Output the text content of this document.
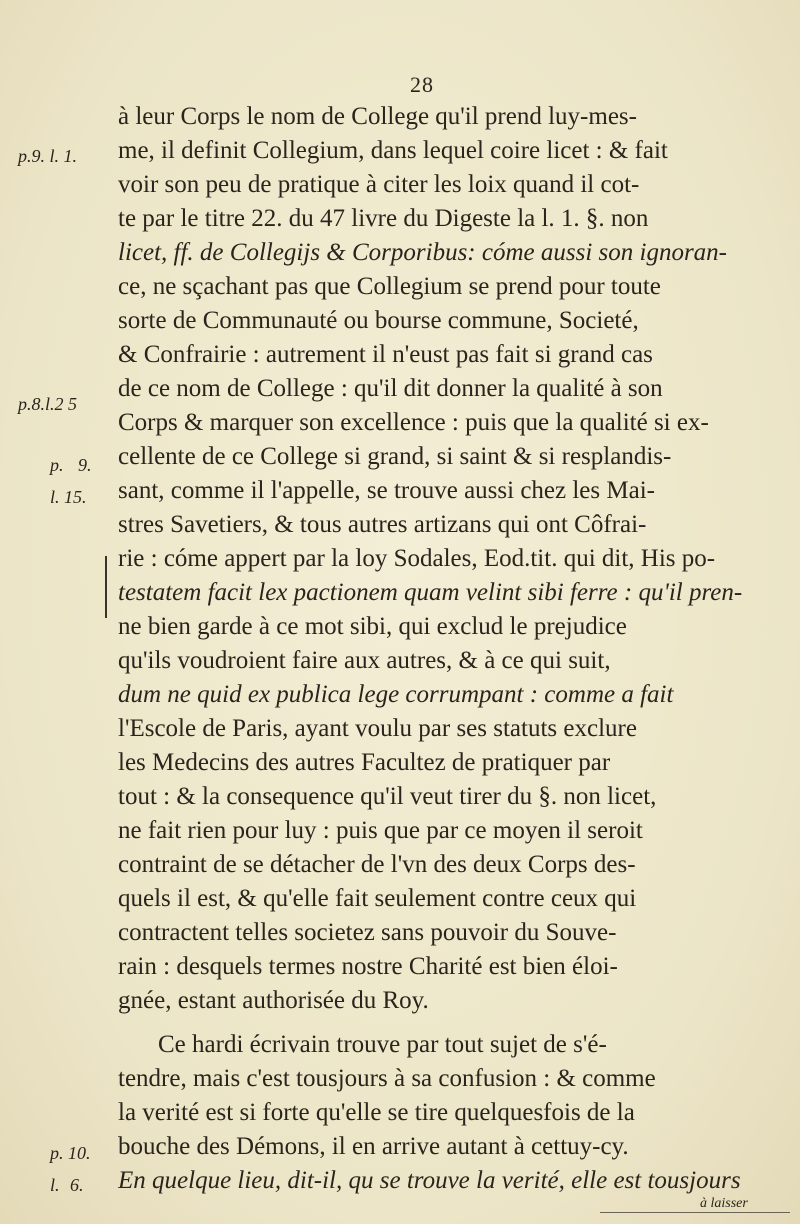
28
p.9. l. 1.
p.8.l.2 5
p. 9.
l. 15.
p. 10.
l. 6.
à leur Corps le nom de College qu'il prend luy-mes-
me, il definit Collegium, dans lequel coire licet : & fait
voir son peu de pratique à citer les loix quand il cot-
te par le titre 22. du 47 livre du Digeste la l. 1. §. non
licet, ff. de Collegijs & Corporibus: cóme aussi son ignoran-
ce, ne sçachant pas que Collegium se prend pour toute
sorte de Communauté ou bourse commune, Societé,
& Confrairie : autrement il n'eust pas fait si grand cas
de ce nom de College : qu'il dit donner la qualité à son
Corps & marquer son excellence : puis que la qualité si ex-
cellente de ce College si grand, si saint & si resplandis-
sant, comme il l'appelle, se trouve aussi chez les Mai-
stres Savetiers, & tous autres artizans qui ont Côfrai-
rie : cóme appert par la loy Sodales, Eod.tit. qui dit, His po-
testatem facit lex pactionem quam velint sibi ferre : qu'il pren-
ne bien garde à ce mot sibi, qui exclud le prejudice
qu'ils voudroient faire aux autres, & à ce qui suit,
dum ne quid ex publica lege corrumpant : comme a fait
l'Escole de Paris, ayant voulu par ses statuts exclure
les Medecins des autres Facultez de pratiquer par
tout : & la consequence qu'il veut tirer du §. non licet,
ne fait rien pour luy : puis que par ce moyen il seroit
contraint de se détacher de l'vn des deux Corps des-
quels il est, & qu'elle fait seulement contre ceux qui
contractent telles societez sans pouvoir du Souve-
rain : desquels termes nostre Charité est bien éloi-
gnée, estant authorisée du Roy.
Ce hardi écrivain trouve par tout sujet de s'é-
tendre, mais c'est tousjours à sa confusion : & comme
la verité est si forte qu'elle se tire quelquesfois de la
bouche des Démons, il en arrive autant à cettuy-cy.
En quelque lieu, dit-il, qu se trouve la verité, elle est tousjours
à laisser
